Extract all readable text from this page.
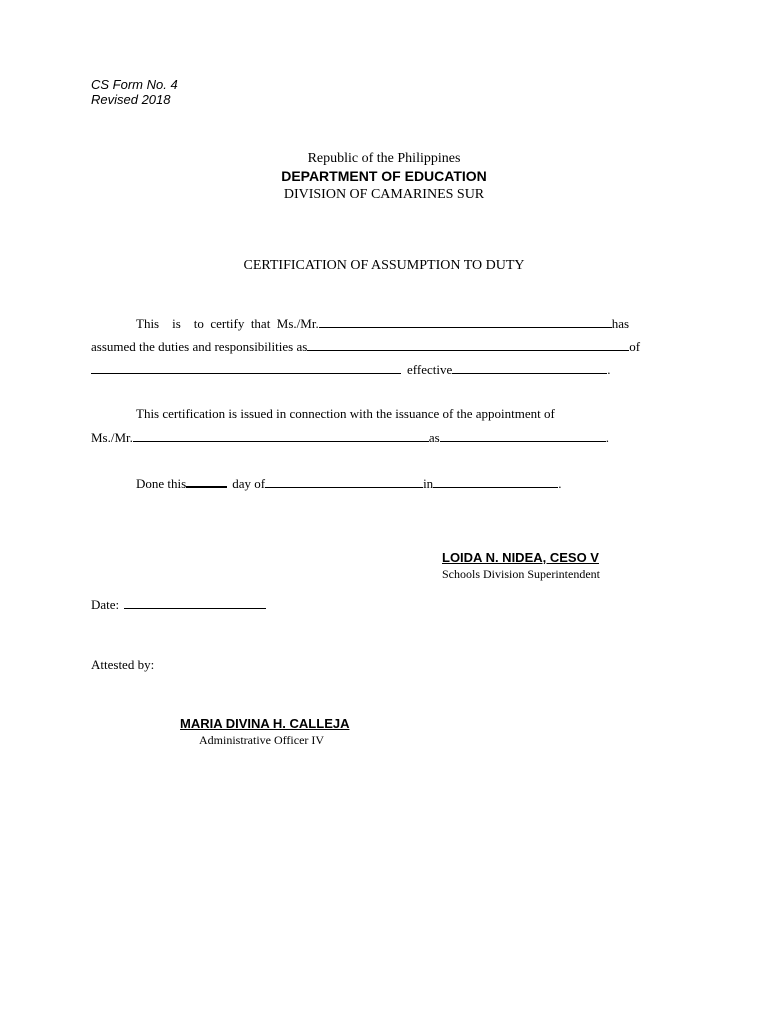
CS Form No. 4
Revised 2018
Republic of the Philippines
DEPARTMENT OF EDUCATION
DIVISION OF CAMARINES SUR
CERTIFICATION OF ASSUMPTION TO DUTY
This    is    to  certify  that  Ms./Mr.	has
assumed the duties and responsibilities as	of
effective	.
This certification is issued in connection with the issuance of the appointment of
Ms./Mr.	as	.
Done this	day of	in	.
LOIDA N. NIDEA, CESO V
Schools Division Superintendent
Date:
Attested by:
MARIA DIVINA H. CALLEJA
Administrative Officer IV
